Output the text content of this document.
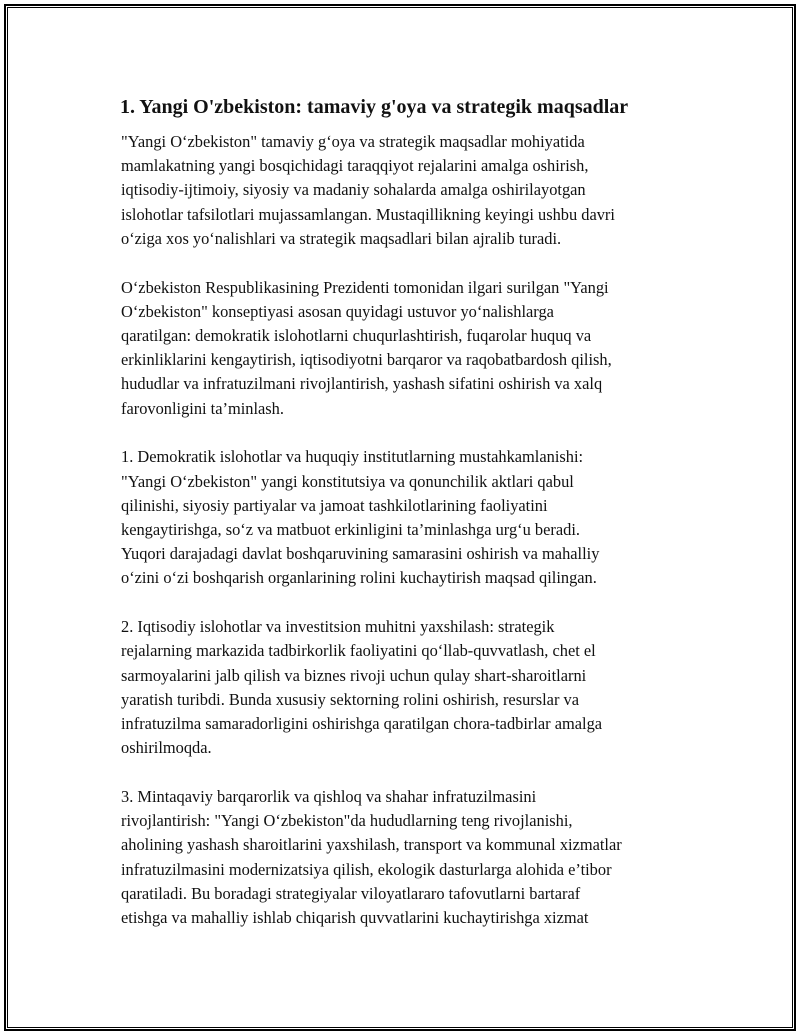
1. Yangi O'zbekiston: tamaviy g'oya va strategik maqsadlar
"Yangi O‘zbekiston" tamaviy g‘oya va strategik maqsadlar mohiyatida
mamlakatning yangi bosqichidagi taraqqiyot rejalarini amalga oshirish,
iqtisodiy-ijtimoiy, siyosiy va madaniy sohalarda amalga oshirilayotgan
islohotlar tafsilotlari mujassamlangan. Mustaqillikning keyingi ushbu davri
o‘ziga xos yo‘nalishlari va strategik maqsadlari bilan ajralib turadi.
O‘zbekiston Respublikasining Prezidenti tomonidan ilgari surilgan "Yangi
O‘zbekiston" konseptiyasi asosan quyidagi ustuvor yo‘nalishlarga
qaratilgan: demokratik islohotlarni chuqurlashtirish, fuqarolar huquq va
erkinliklarini kengaytirish, iqtisodiyotni barqaror va raqobatbardosh qilish,
hududlar va infratuzilmani rivojlantirish, yashash sifatini oshirish va xalq
farovonligini ta’minlash.
1. Demokratik islohotlar va huquqiy institutlarning mustahkamlanishi:
"Yangi O‘zbekiston" yangi konstitutsiya va qonunchilik aktlari qabul
qilinishi, siyosiy partiyalar va jamoat tashkilotlarining faoliyatini
kengaytirishga, so‘z va matbuot erkinligini ta’minlashga urg‘u beradi.
Yuqori darajadagi davlat boshqaruvining samarasini oshirish va mahalliy
o‘zini o‘zi boshqarish organlarining rolini kuchaytirish maqsad qilingan.
2. Iqtisodiy islohotlar va investitsion muhitni yaxshilash: strategik
rejalarning markazida tadbirkorlik faoliyatini qo‘llab-quvvatlash, chet el
sarmoyalarini jalb qilish va biznes rivoji uchun qulay shart-sharoitlarni
yaratish turibdi. Bunda xususiy sektorning rolini oshirish, resurslar va
infratuzilma samaradorligini oshirishga qaratilgan chora-tadbirlar amalga
oshirilmoqda.
3. Mintaqaviy barqarorlik va qishloq va shahar infratuzilmasini
rivojlantirish: "Yangi O‘zbekiston"da hududlarning teng rivojlanishi,
aholining yashash sharoitlarini yaxshilash, transport va kommunal xizmatlar
infratuzilmasini modernizatsiya qilish, ekologik dasturlarga alohida e’tibor
qaratiladi. Bu boradagi strategiyalar viloyatlararo tafovutlarni bartaraf
etishga va mahalliy ishlab chiqarish quvvatlarini kuchaytirishga xizmat
